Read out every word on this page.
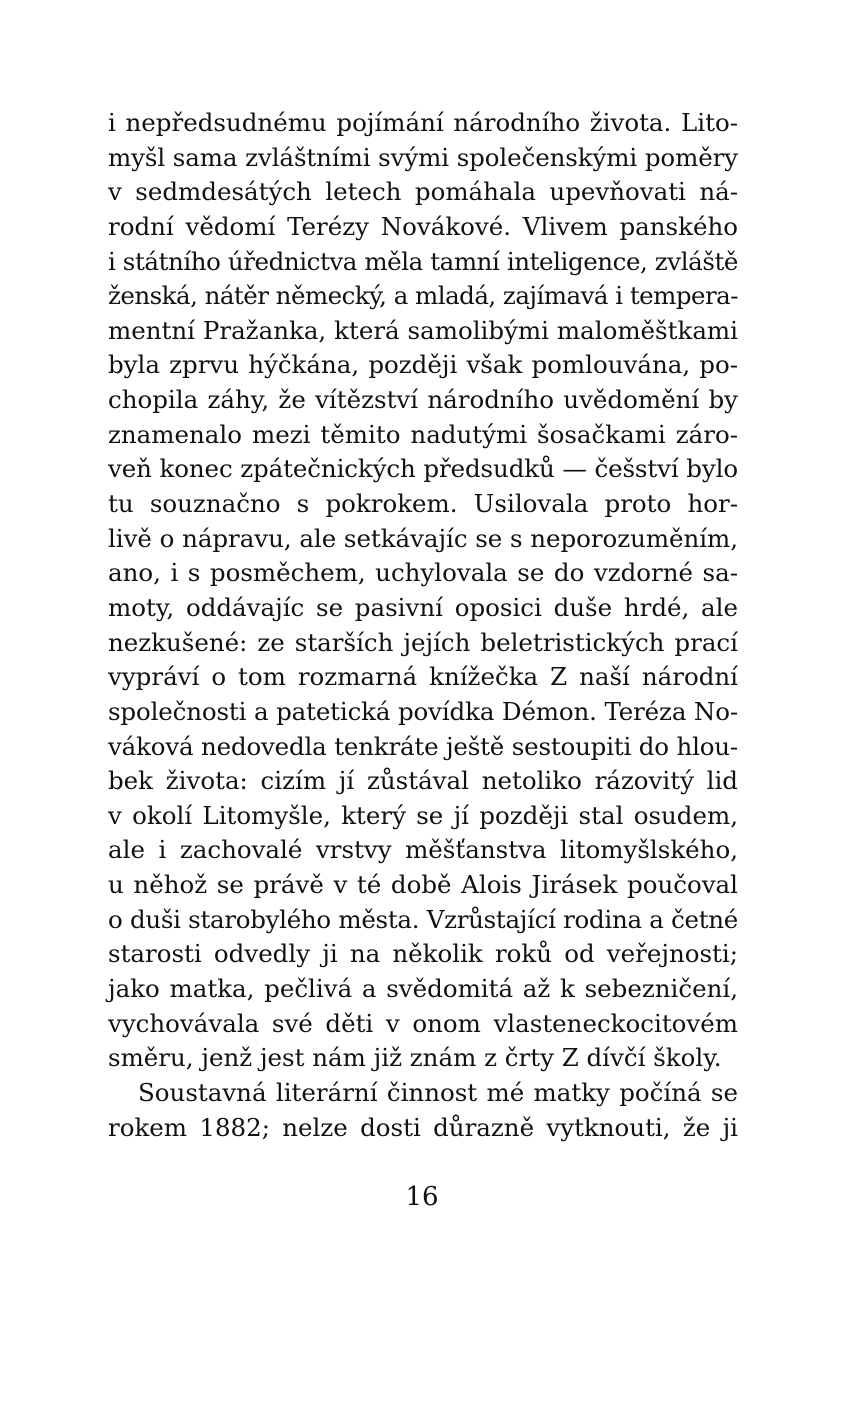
i nepředsudnému pojímání národního života. Lito-
myšl sama zvláštními svými společenskými poměry
v sedmdesátých letech pomáhala upevňovati ná-
rodní vědomí Terézy Novákové. Vlivem panského
i státního úřednictva měla tamní inteligence, zvláště
ženská, nátěr německý, a mladá, zajímavá i tempera-
mentní Pražanka, která samolibými maloměštkami
byla zprvu hýčkána, později však pomlouvána, po-
chopila záhy, že vítězství národního uvědomění by
znamenalo mezi těmito nadutými šosačkami záro-
veň konec zpátečnických předsudků — češství bylo
tu souznačno s pokrokem. Usilovala proto hor-
livě o nápravu, ale setkávajíc se s neporozuměním,
ano, i s posměchem, uchylovala se do vzdorné sa-
moty, oddávajíc se pasivní oposici duše hrdé, ale
nezkušené: ze starších jejích beletristických prací
vypráví o tom rozmarná knížečka Z naší národní
společnosti a patetická povídka Démon. Teréza No-
váková nedovedla tenkráte ještě sestoupiti do hlou-
bek života: cizím jí zůstával netoliko rázovitý lid
v okolí Litomyšle, který se jí později stal osudem,
ale i zachovalé vrstvy měšťanstva litomyšlského,
u něhož se právě v té době Alois Jirásek poučoval
o duši starobylého města. Vzrůstající rodina a četné
starosti odvedly ji na několik roků od veřejnosti;
jako matka, pečlivá a svědomitá až k sebezničení,
vychovávala své děti v onom vlasteneckocitovém
směru, jenž jest nám již znám z črty Z dívčí školy.
Soustavná literární činnost mé matky počíná se
rokem 1882; nelze dosti důrazně vytknouti, že ji
16
